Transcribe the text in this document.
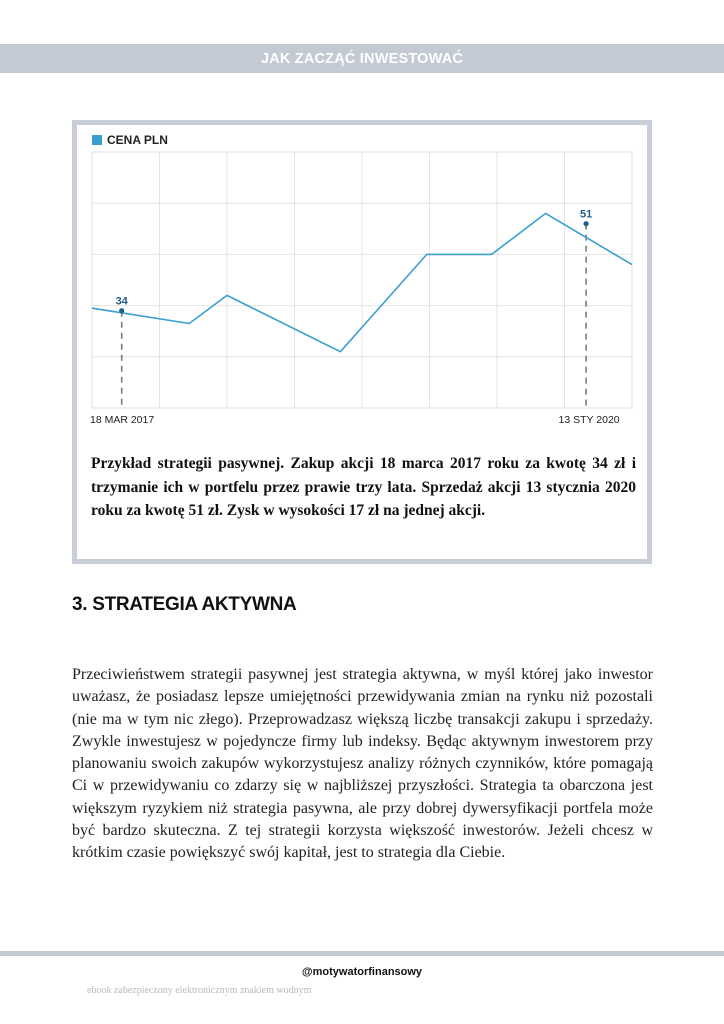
JAK ZACZĄĆ INWESTOWAĆ
CENA PLN
34
51
18 MAR 2017	13 STY 2020

Przykład strategii pasywnej. Zakup akcji 18 marca 2017 roku za kwotę 34 zł i trzymanie ich w portfelu przez prawie trzy lata. Sprzedaż akcji 13 stycznia 2020 roku za kwotę 51 zł. Zysk w wysokości 17 zł na jednej akcji.

3. STRATEGIA AKTYWNA

Przeciwieństwem strategii pasywnej jest strategia aktywna, w myśl której jako inwestor uważasz, że posiadasz lepsze umiejętności przewidywania zmian na rynku niż pozostali (nie ma w tym nic złego). Przeprowadzasz większą liczbę transakcji zakupu i sprzedaży. Zwykle inwestujesz w pojedyncze firmy lub indeksy. Będąc aktywnym inwestorem przy planowaniu swoich zakupów wykorzystujesz analizy różnych czynników, które pomagają Ci w przewidywaniu co zdarzy się w najbliższej przyszłości. Strategia ta obarczona jest większym ryzykiem niż strategia pasywna, ale przy dobrej dywersyfikacji portfela może być bardzo skuteczna. Z tej strategii korzysta większość inwestorów. Jeżeli chcesz w krótkim czasie powiększyć swój kapitał, jest to strategia dla Ciebie.

@motywatorfinansowy
ebook zabezpieczony elektronicznym znakiem wodnym
